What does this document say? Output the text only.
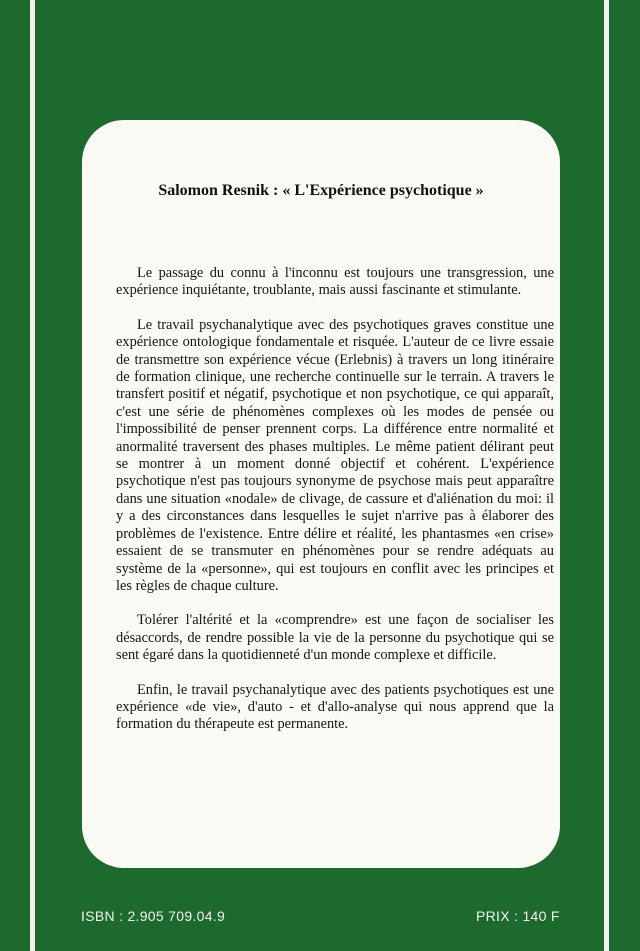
Salomon Resnik : « L'Expérience psychotique »

Le passage du connu à l'inconnu est toujours une transgression, une expérience inquiétante, troublante, mais aussi fascinante et stimulante.

Le travail psychanalytique avec des psychotiques graves constitue une expérience ontologique fondamentale et risquée. L'auteur de ce livre essaie de transmettre son expérience vécue (Erlebnis) à travers un long itinéraire de formation clinique, une recherche continuelle sur le terrain. A travers le transfert positif et négatif, psychotique et non psychotique, ce qui apparaît, c'est une série de phénomènes complexes où les modes de pensée ou l'impossibilité de penser prennent corps. La différence entre normalité et anormalité traversent des phases multiples. Le même patient délirant peut se montrer à un moment donné objectif et cohérent. L'expérience psychotique n'est pas toujours synonyme de psychose mais peut apparaître dans une situation «nodale» de clivage, de cassure et d'aliénation du moi: il y a des circonstances dans lesquelles le sujet n'arrive pas à élaborer des problèmes de l'existence. Entre délire et réalité, les phantasmes «en crise» essaient de se transmuter en phénomènes pour se rendre adéquats au système de la «personne», qui est toujours en conflit avec les principes et les règles de chaque culture.

Tolérer l'altérité et la «comprendre» est une façon de socialiser les désaccords, de rendre possible la vie de la personne du psychotique qui se sent égaré dans la quotidienneté d'un monde complexe et difficile.

Enfin, le travail psychanalytique avec des patients psychotiques est une expérience «de vie», d'auto - et d'allo-analyse qui nous apprend que la formation du thérapeute est permanente.

ISBN : 2.905 709.04.9	PRIX : 140 F
